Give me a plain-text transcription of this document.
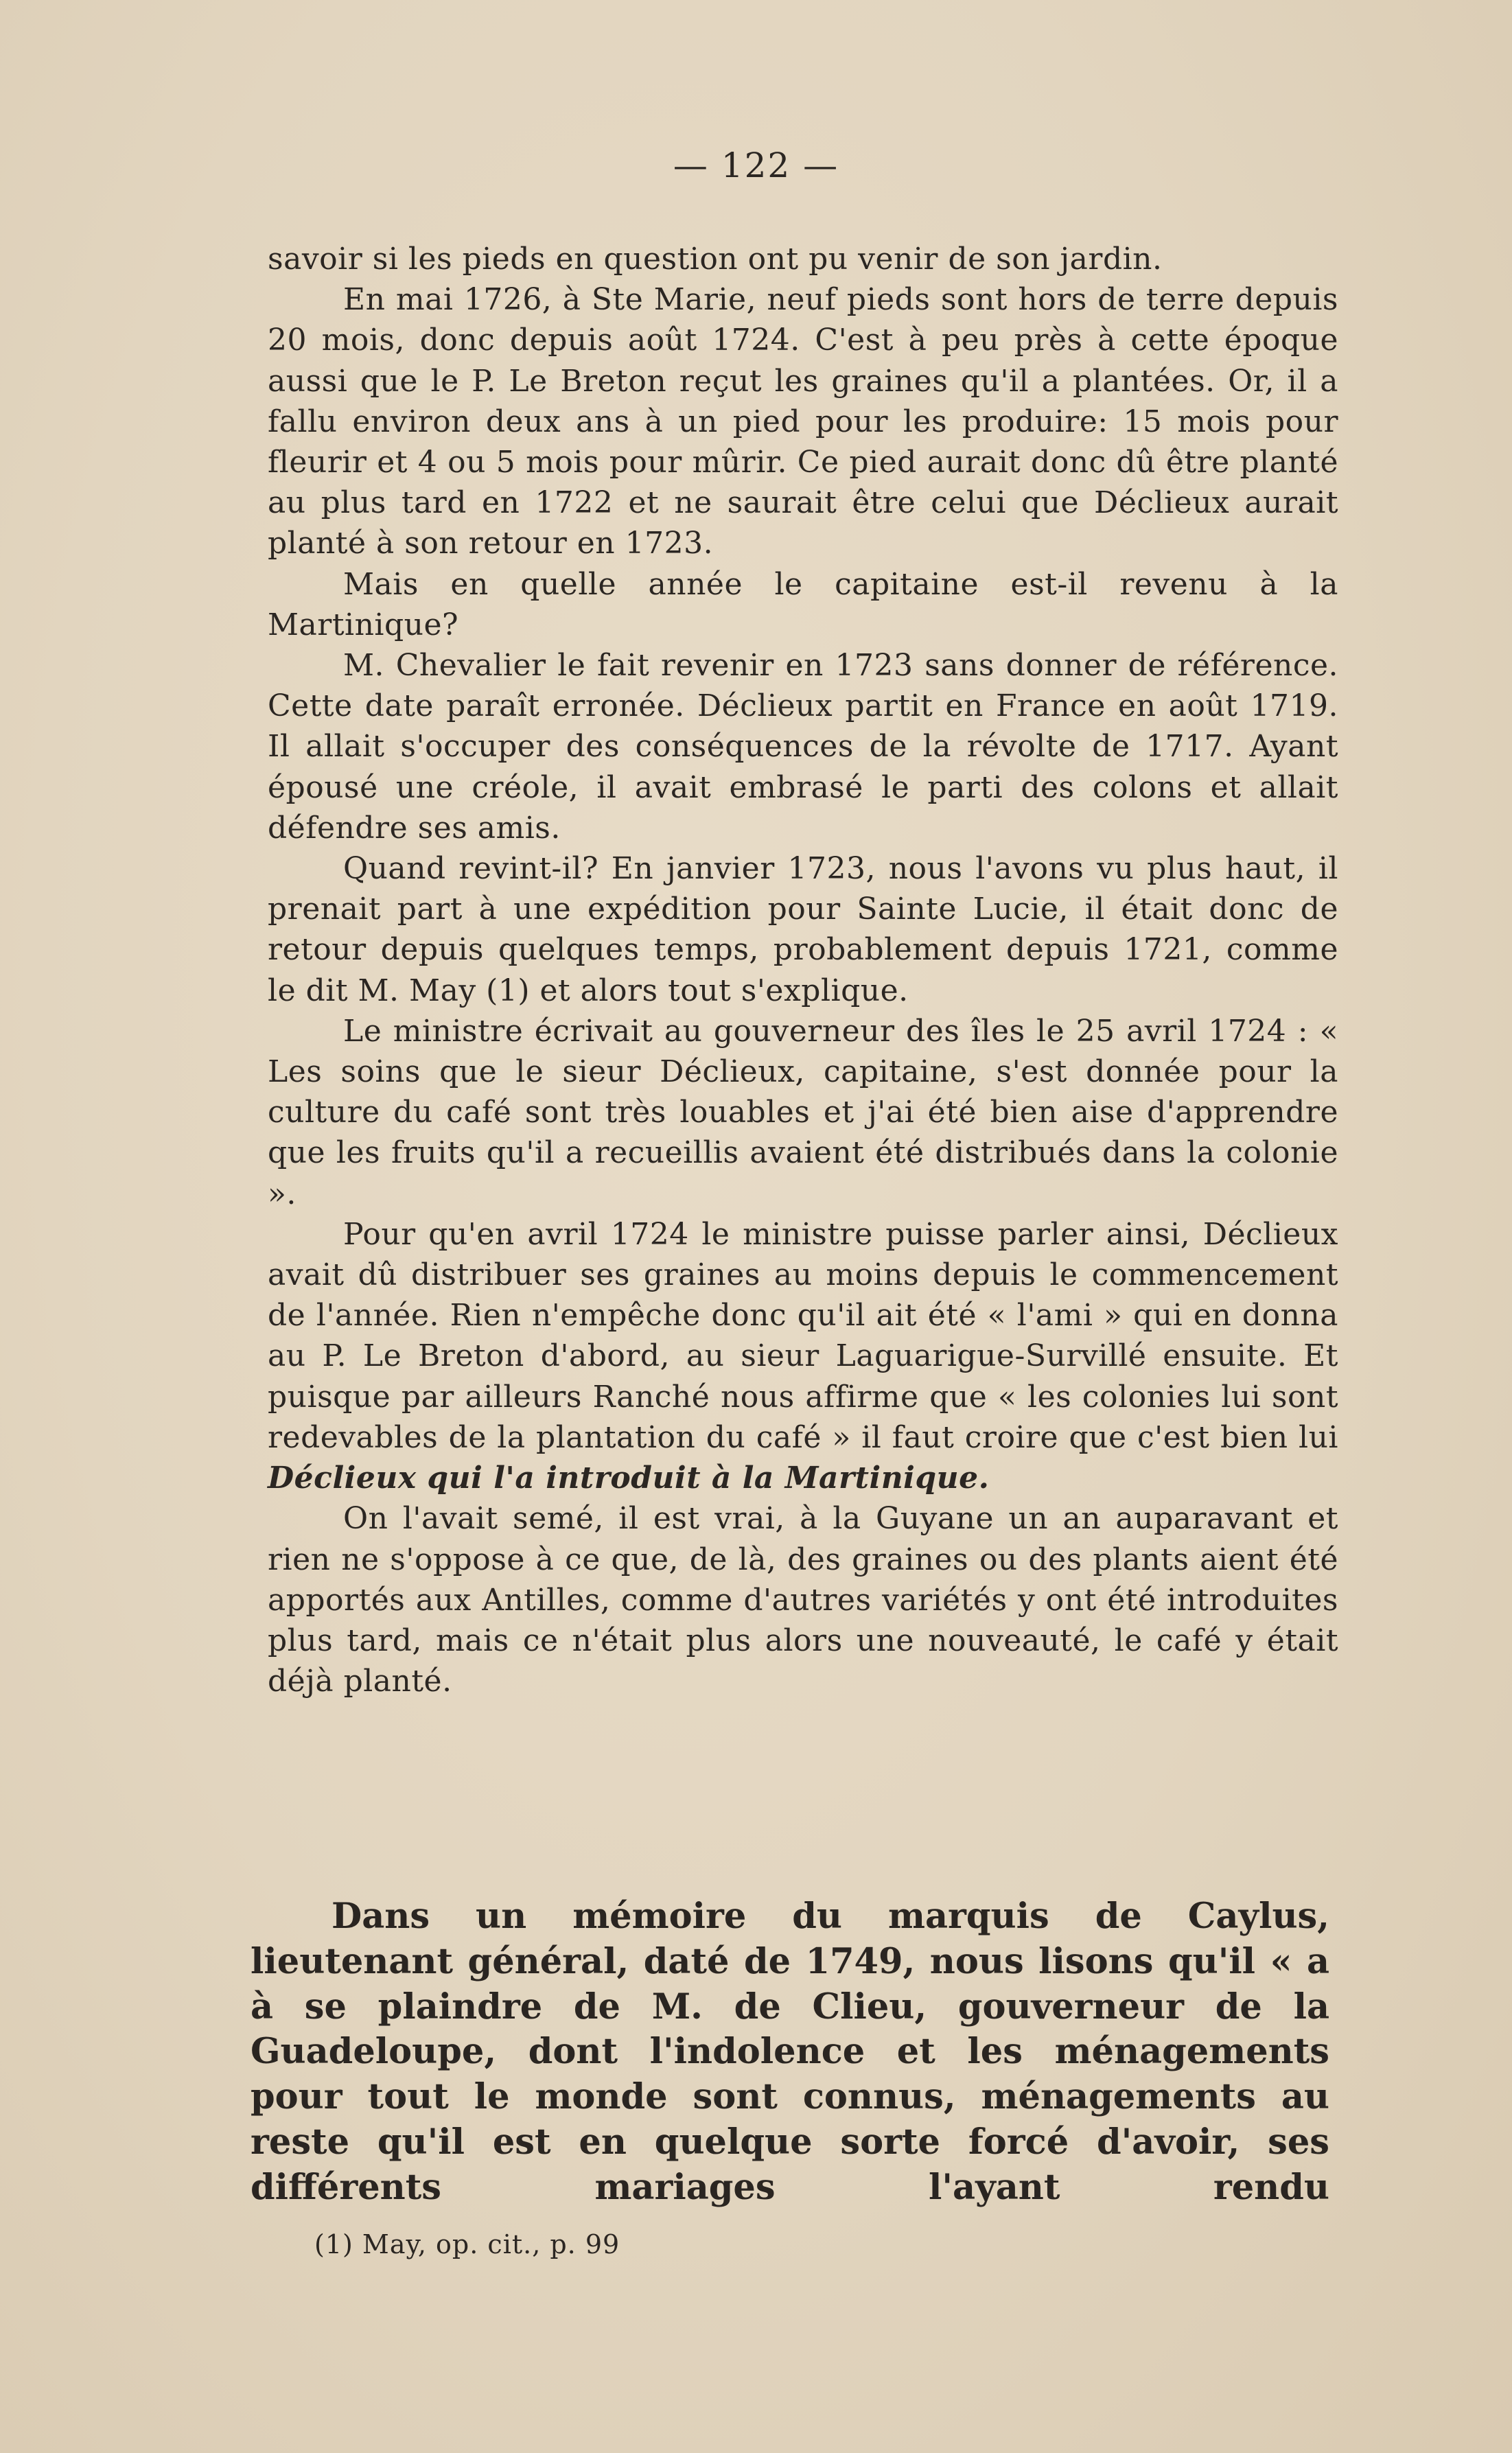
— 122 —

savoir si les pieds en question ont pu venir de son jardin.

En mai 1726, à Ste Marie, neuf pieds sont hors de terre depuis 20 mois, donc depuis août 1724. C'est à peu près à cette époque aussi que le P. Le Breton reçut les graines qu'il a plantées. Or, il a fallu environ deux ans à un pied pour les produire: 15 mois pour fleurir et 4 ou 5 mois pour mûrir. Ce pied aurait donc dû être planté au plus tard en 1722 et ne saurait être celui que Déclieux aurait planté à son retour en 1723.

Mais en quelle année le capitaine est-il revenu à la Martinique?

M. Chevalier le fait revenir en 1723 sans donner de référence. Cette date paraît erronée. Déclieux partit en France en août 1719. Il allait s'occuper des conséquences de la révolte de 1717. Ayant épousé une créole, il avait embrasé le parti des colons et allait défendre ses amis.

Quand revint-il? En janvier 1723, nous l'avons vu plus haut, il prenait part à une expédition pour Sainte Lucie, il était donc de retour depuis quelques temps, probablement depuis 1721, comme le dit M. May (1) et alors tout s'explique.

Le ministre écrivait au gouverneur des îles le 25 avril 1724 : « Les soins que le sieur Déclieux, capitaine, s'est donnée pour la culture du café sont très louables et j'ai été bien aise d'apprendre que les fruits qu'il a recueillis avaient été distribués dans la colonie ».

Pour qu'en avril 1724 le ministre puisse parler ainsi, Déclieux avait dû distribuer ses graines au moins depuis le commencement de l'année. Rien n'empêche donc qu'il ait été « l'ami » qui en donna au P. Le Breton d'abord, au sieur Laguarigue-Survillé ensuite. Et puisque par ailleurs Ranché nous affirme que « les colonies lui sont redevables de la plantation du café » il faut croire que c'est bien lui Déclieux qui l'a introduit à la Martinique.

On l'avait semé, il est vrai, à la Guyane un an auparavant et rien ne s'oppose à ce que, de là, des graines ou des plants aient été apportés aux Antilles, comme d'autres variétés y ont été introduites plus tard, mais ce n'était plus alors une nouveauté, le café y était déjà planté.

Dans un mémoire du marquis de Caylus, lieutenant général, daté de 1749, nous lisons qu'il « a à se plaindre de M. de Clieu, gouverneur de la Guadeloupe, dont l'indolence et les ménagements pour tout le monde sont connus, ménagements au reste qu'il est en quelque sorte forcé d'avoir, ses différents mariages l'ayant rendu

(1) May, op. cit., p. 99
